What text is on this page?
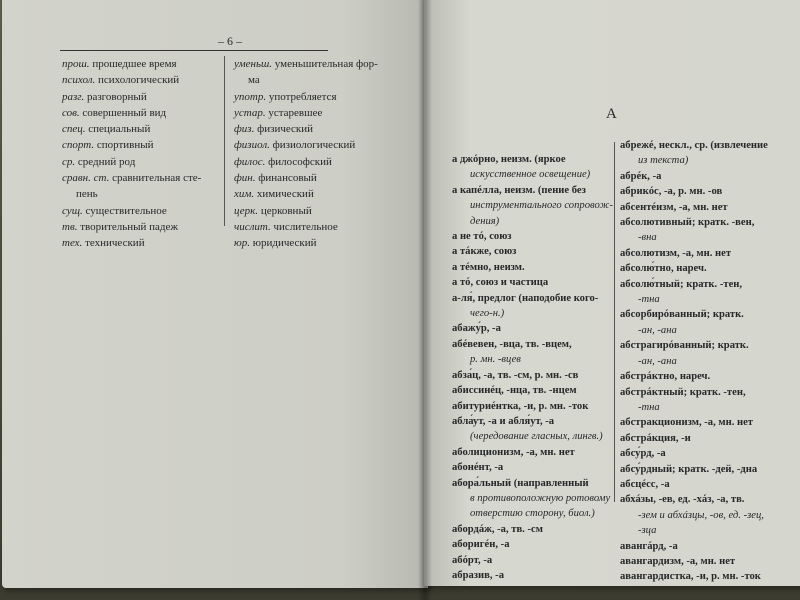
– 6 –
прош. прошедшее время
психол. психологический
разг. разговорный
сов. совершенный вид
спец. специальный
спорт. спортивный
ср. средний род
сравн. ст. сравнительная сте-
пень
сущ. существительное
тв. творительный падеж
тех. технический
уменьш. уменьшительная фор-
ма
употр. употребляется
устар. устаревшее
физ. физический
физиол. физиологический
филос. философский
фин. финансовый
хим. химический
церк. церковный
числит. числительное
юр. юридический
А
а джóрно, неизм. (яркое
искусственное освещение)
а капéлла, неизм. (пение без
инструментального сопровож-
дения)
а не тó, союз
а тáкже, союз
а тéмно, неизм.
а тó, союз и частица
а-ля́, предлог (наподобие кого-
чего-н.)
абажу́р, -а
абéвевен, -вца, тв. -вцем,
р. мн. -вцев
абза́ц, -а, тв. -см, р. мн. -св
абиссинéц, -нца, тв. -нцем
абитуриéнтка, -и, р. мн. -ток
абла́ут, -а и абля́ут, -а
(чередование гласных, лингв.)
аболиционизм, -а, мн. нет
абонéнт, -а
абора́льный (направленный
в противоположную ротовому
отверстию сторону, биол.)
абордáж, -а, тв. -см
аборигéн, -а
абóрт, -а
абразив, -а
абрежé, нескл., ср. (извлечение
из текста)
абрéк, -а
абрикóс, -а, р. мн. -ов
абсентéизм, -а, мн. нет
абсолютивный; кратк. -вен,
-вна
абсолютизм, -а, мн. нет
абсолю́тно, нареч.
абсолю́тный; кратк. -тен,
-тна
абсорбирóванный; кратк.
-ан, -ана
абстрагирóванный; кратк.
-ан, -ана
абстрáктно, нареч.
абстрáктный; кратк. -тен,
-тна
абстракционизм, -а, мн. нет
абстрáкция, -и
абсу́рд, -а
абсу́рдный; кратк. -дей, -дна
абсцéсс, -а
абхáзы, -ев, ед. -хáз, -а, тв.
-зем и абхáзцы, -ов, ед. -зец,
-зца
авангáрд, -а
авангардизм, -а, мн. нет
авангардистка, -и, р. мн. -ток
